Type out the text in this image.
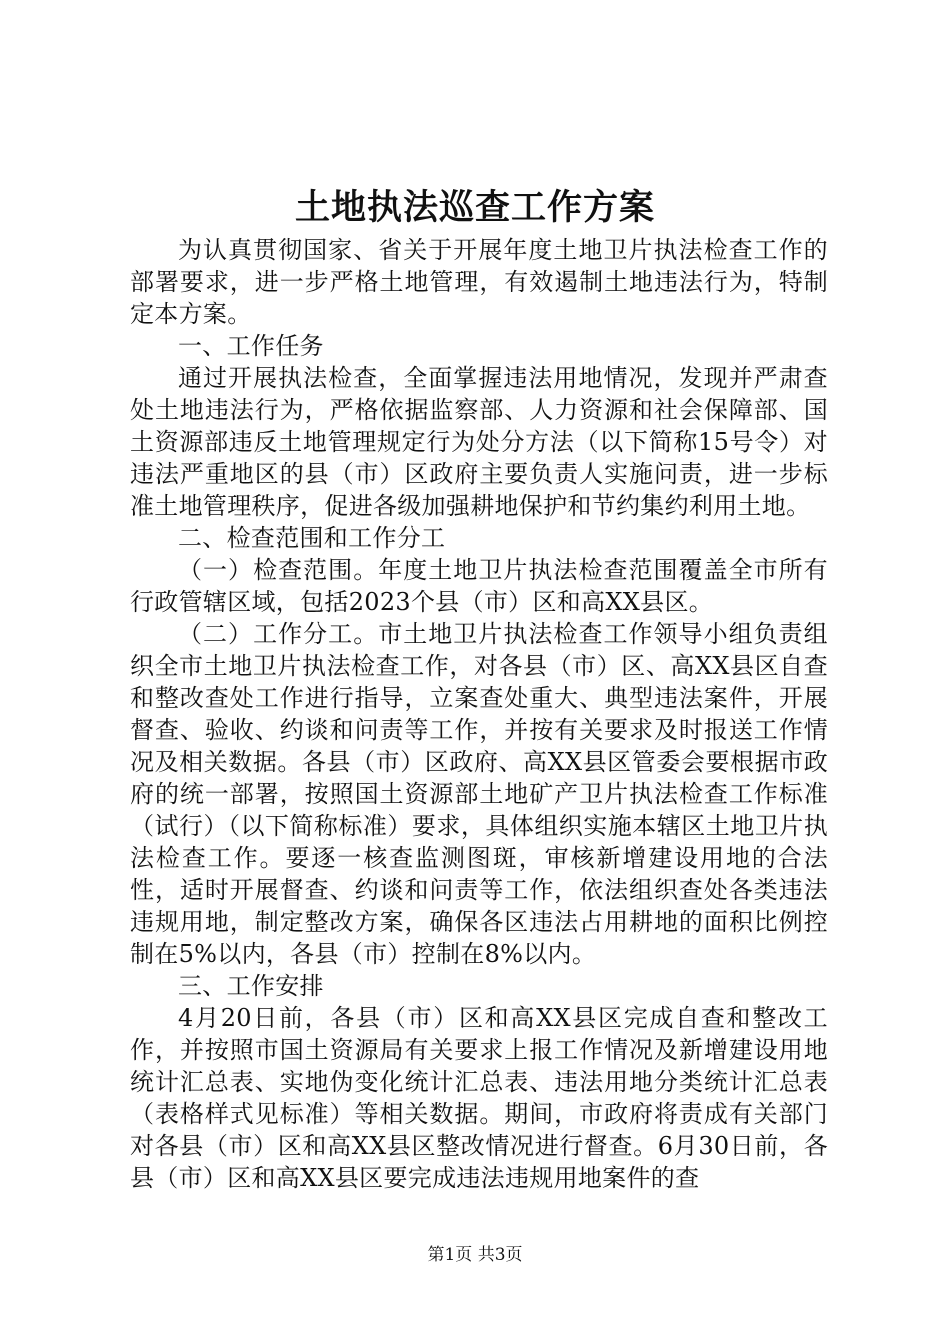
土地执法巡查工作方案

为认真贯彻国家、省关于开展年度土地卫片执法检查工作的部署要求，进一步严格土地管理，有效遏制土地违法行为，特制定本方案。

一、工作任务

通过开展执法检查，全面掌握违法用地情况，发现并严肃查处土地违法行为，严格依据监察部、人力资源和社会保障部、国土资源部违反土地管理规定行为处分方法（以下简称15号令）对违法严重地区的县（市）区政府主要负责人实施问责，进一步标准土地管理秩序，促进各级加强耕地保护和节约集约利用土地。

二、检查范围和工作分工

（一）检查范围。年度土地卫片执法检查范围覆盖全市所有行政管辖区域，包括2023个县（市）区和高XX县区。

（二）工作分工。市土地卫片执法检查工作领导小组负责组织全市土地卫片执法检查工作，对各县（市）区、高XX县区自查和整改查处工作进行指导，立案查处重大、典型违法案件，开展督查、验收、约谈和问责等工作，并按有关要求及时报送工作情况及相关数据。各县（市）区政府、高XX县区管委会要根据市政府的统一部署，按照国土资源部土地矿产卫片执法检查工作标准（试行）（以下简称标准）要求，具体组织实施本辖区土地卫片执法检查工作。要逐一核查监测图斑，审核新增建设用地的合法性，适时开展督查、约谈和问责等工作，依法组织查处各类违法违规用地，制定整改方案，确保各区违法占用耕地的面积比例控制在5%以内，各县（市）控制在8%以内。

三、工作安排

4月20日前，各县（市）区和高XX县区完成自查和整改工作，并按照市国土资源局有关要求上报工作情况及新增建设用地统计汇总表、实地伪变化统计汇总表、违法用地分类统计汇总表（表格样式见标准）等相关数据。期间，市政府将责成有关部门对各县（市）区和高XX县区整改情况进行督查。6月30日前，各县（市）区和高XX县区要完成违法违规用地案件的查

第1页 共3页
